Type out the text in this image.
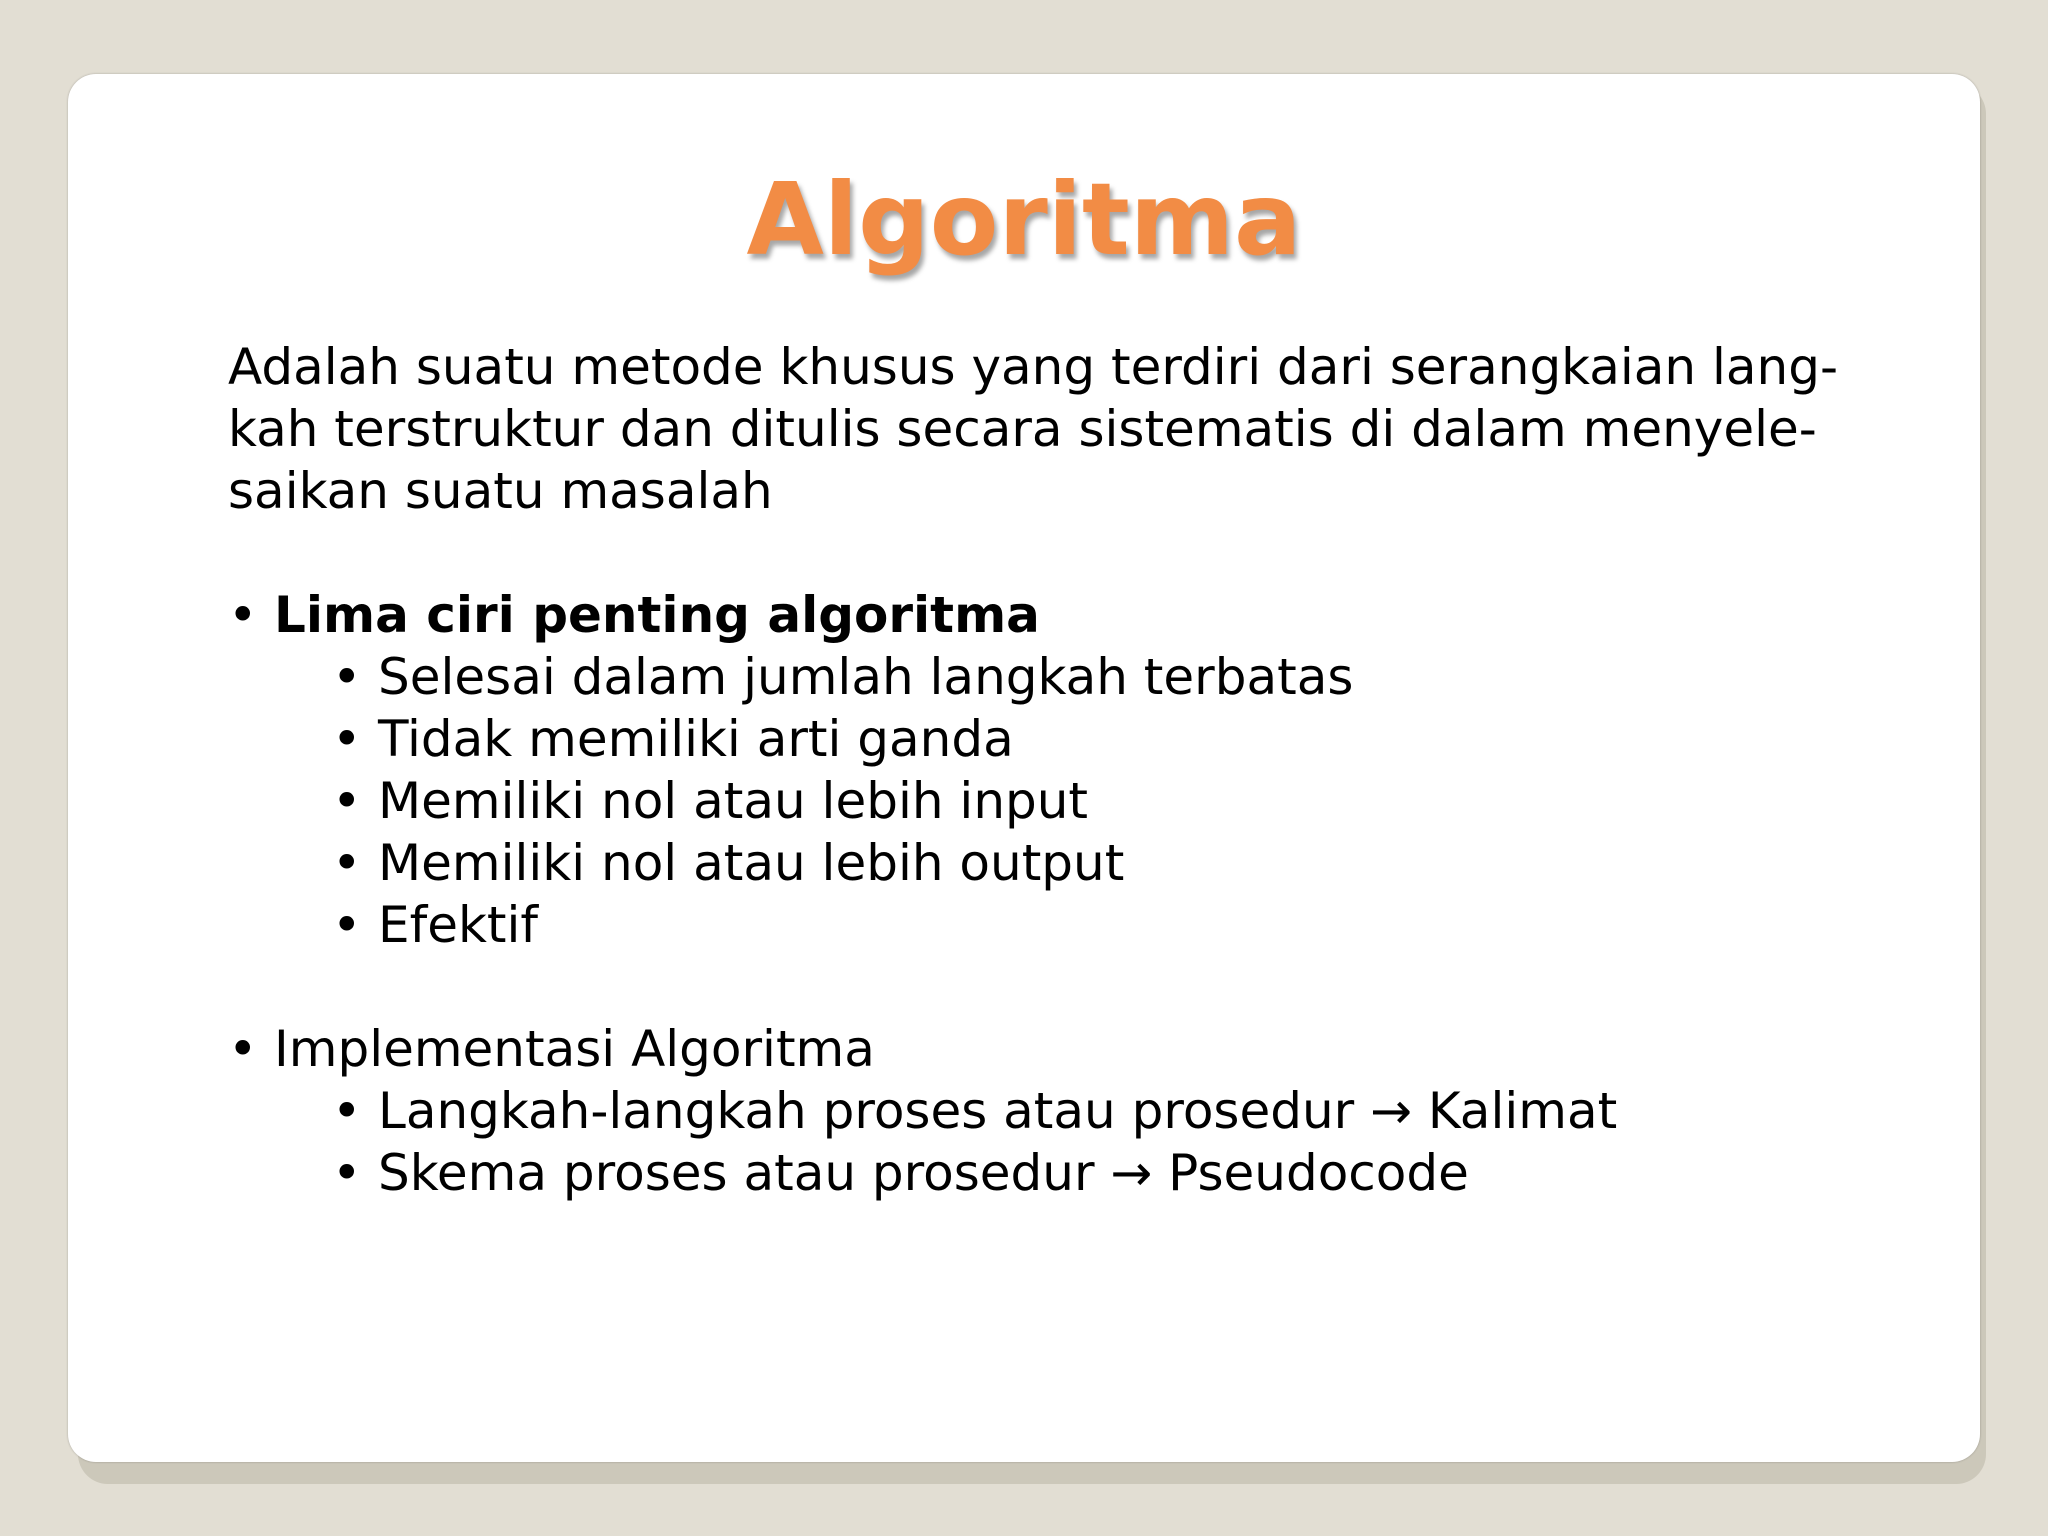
Algoritma

Adalah suatu metode khusus yang terdiri dari serangkaian lang-
kah terstruktur dan ditulis secara sistematis di dalam menyele-
saikan suatu masalah

• Lima ciri penting algoritma
• Selesai dalam jumlah langkah terbatas
• Tidak memiliki arti ganda
• Memiliki nol atau lebih input
• Memiliki nol atau lebih output
• Efektif
• Implementasi Algoritma
• Langkah-langkah proses atau prosedur → Kalimat
• Skema proses atau prosedur → Pseudocode
